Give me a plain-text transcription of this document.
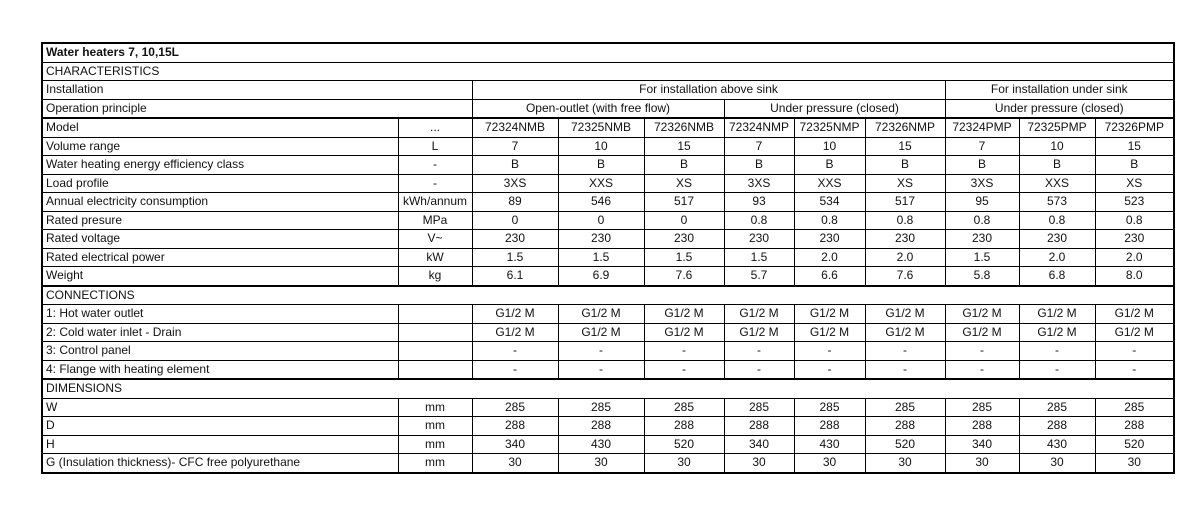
Water heaters 7, 10,15L										
CHARACTERISTICS										
Installation		For installation above sink						For installation under sink		
Operation principle		Open-outlet (with free flow)			Under pressure (closed)			Under pressure (closed)		
Model	...	72324NMB	72325NMB	72326NMB	72324NMP	72325NMP	72326NMP	72324PMP	72325PMP	72326PMP
Volume range	L	7	10	15	7	10	15	7	10	15
Water heating energy efficiency class	-	B	B	B	B	B	B	B	B	B
Load profile	-	3XS	XXS	XS	3XS	XXS	XS	3XS	XXS	XS
Annual electricity consumption	kWh/annum	89	546	517	93	534	517	95	573	523
Rated presure	MPa	0	0	0	0.8	0.8	0.8	0.8	0.8	0.8
Rated voltage	V~	230	230	230	230	230	230	230	230	230
Rated electrical power	kW	1.5	1.5	1.5	1.5	2.0	2.0	1.5	2.0	2.0
Weight	kg	6.1	6.9	7.6	5.7	6.6	7.6	5.8	6.8	8.0
CONNECTIONS										
1: Hot water outlet		G1/2 M	G1/2 M	G1/2 M	G1/2 M	G1/2 M	G1/2 M	G1/2 M	G1/2 M	G1/2 M
2: Cold water inlet - Drain		G1/2 M	G1/2 M	G1/2 M	G1/2 M	G1/2 M	G1/2 M	G1/2 M	G1/2 M	G1/2 M
3: Control panel		-	-	-	-	-	-	-	-	-
4: Flange with heating element		-	-	-	-	-	-	-	-	-
DIMENSIONS										
W	mm	285	285	285	285	285	285	285	285	285
D	mm	288	288	288	288	288	288	288	288	288
H	mm	340	430	520	340	430	520	340	430	520
G (Insulation thickness)- CFC free polyurethane	mm	30	30	30	30	30	30	30	30	30
